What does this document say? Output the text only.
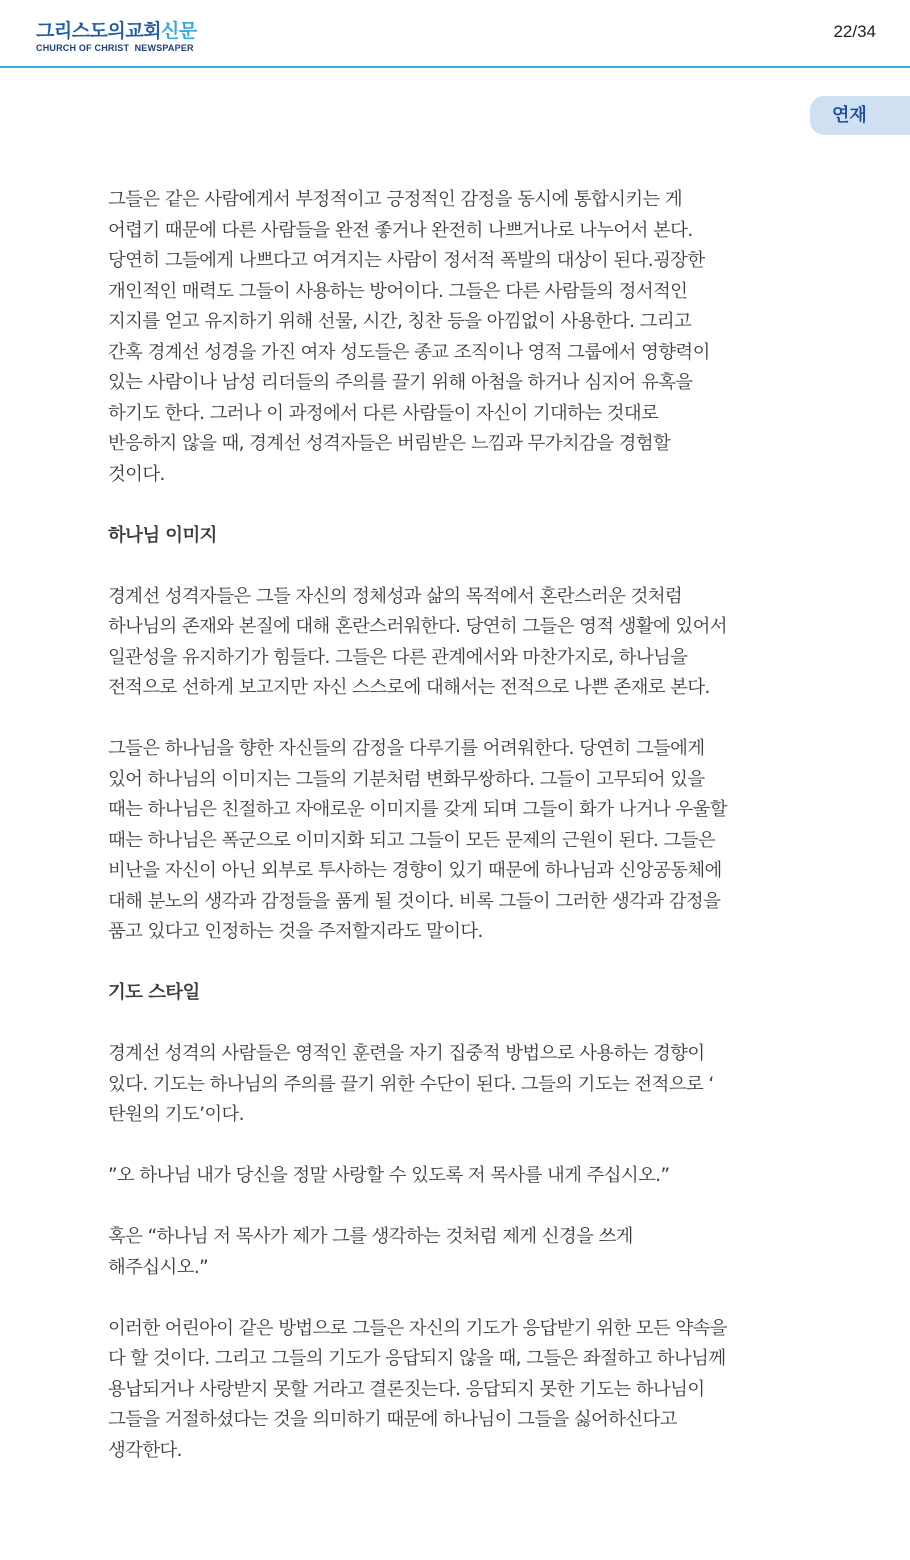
그리스도의교회신문
CHURCH OF CHRIST  NEWSPAPER
22/34
연재

그들은 같은 사람에게서 부정적이고 긍정적인 감정을 동시에 통합시키는 게
어렵기 때문에 다른 사람들을 완전 좋거나 완전히 나쁘거나로 나누어서 본다.
당연히 그들에게 나쁘다고 여겨지는 사람이 정서적 폭발의 대상이 된다.굉장한
개인적인 매력도 그들이 사용하는 방어이다. 그들은 다른 사람들의 정서적인
지지를 얻고 유지하기 위해 선물, 시간, 칭찬 등을 아낌없이 사용한다. 그리고
간혹 경계선 성경을 가진 여자 성도들은 종교 조직이나 영적 그룹에서 영향력이
있는 사람이나 남성 리더들의 주의를 끌기 위해 아첨을 하거나 심지어 유혹을
하기도 한다. 그러나 이 과정에서 다른 사람들이 자신이 기대하는 것대로
반응하지 않을 때, 경계선 성격자들은 버림받은 느낌과 무가치감을 경험할
것이다.

하나님 이미지

경계선 성격자들은 그들 자신의 정체성과 삶의 목적에서 혼란스러운 것처럼
하나님의 존재와 본질에 대해 혼란스러워한다. 당연히 그들은 영적 생활에 있어서
일관성을 유지하기가 힘들다. 그들은 다른 관계에서와 마찬가지로, 하나님을
전적으로 선하게 보고지만 자신 스스로에 대해서는 전적으로 나쁜 존재로 본다.

그들은 하나님을 향한 자신들의 감정을 다루기를 어려워한다. 당연히 그들에게
있어 하나님의 이미지는 그들의 기분처럼 변화무쌍하다. 그들이 고무되어 있을
때는 하나님은 친절하고 자애로운 이미지를 갖게 되며 그들이 화가 나거나 우울할
때는 하나님은 폭군으로 이미지화 되고 그들이 모든 문제의 근원이 된다. 그들은
비난을 자신이 아닌 외부로 투사하는 경향이 있기 때문에 하나님과 신앙공동체에
대해 분노의 생각과 감정들을 품게 될 것이다. 비록 그들이 그러한 생각과 감정을
품고 있다고 인정하는 것을 주저할지라도 말이다.

기도 스타일

경계선 성격의 사람들은 영적인 훈련을 자기 집중적 방법으로 사용하는 경향이
있다. 기도는 하나님의 주의를 끌기 위한 수단이 된다. 그들의 기도는 전적으로 ‘
탄원의 기도’이다.

”오 하나님 내가 당신을 정말 사랑할 수 있도록 저 목사를 내게 주십시오.”

혹은 “하나님 저 목사가 제가 그를 생각하는 것처럼 제게 신경을 쓰게
해주십시오.”

이러한 어린아이 같은 방법으로 그들은 자신의 기도가 응답받기 위한 모든 약속을
다 할 것이다. 그리고 그들의 기도가 응답되지 않을 때, 그들은 좌절하고 하나님께
용납되거나 사랑받지 못할 거라고 결론짓는다. 응답되지 못한 기도는 하나님이
그들을 거절하셨다는 것을 의미하기 때문에 하나님이 그들을 싫어하신다고
생각한다.
